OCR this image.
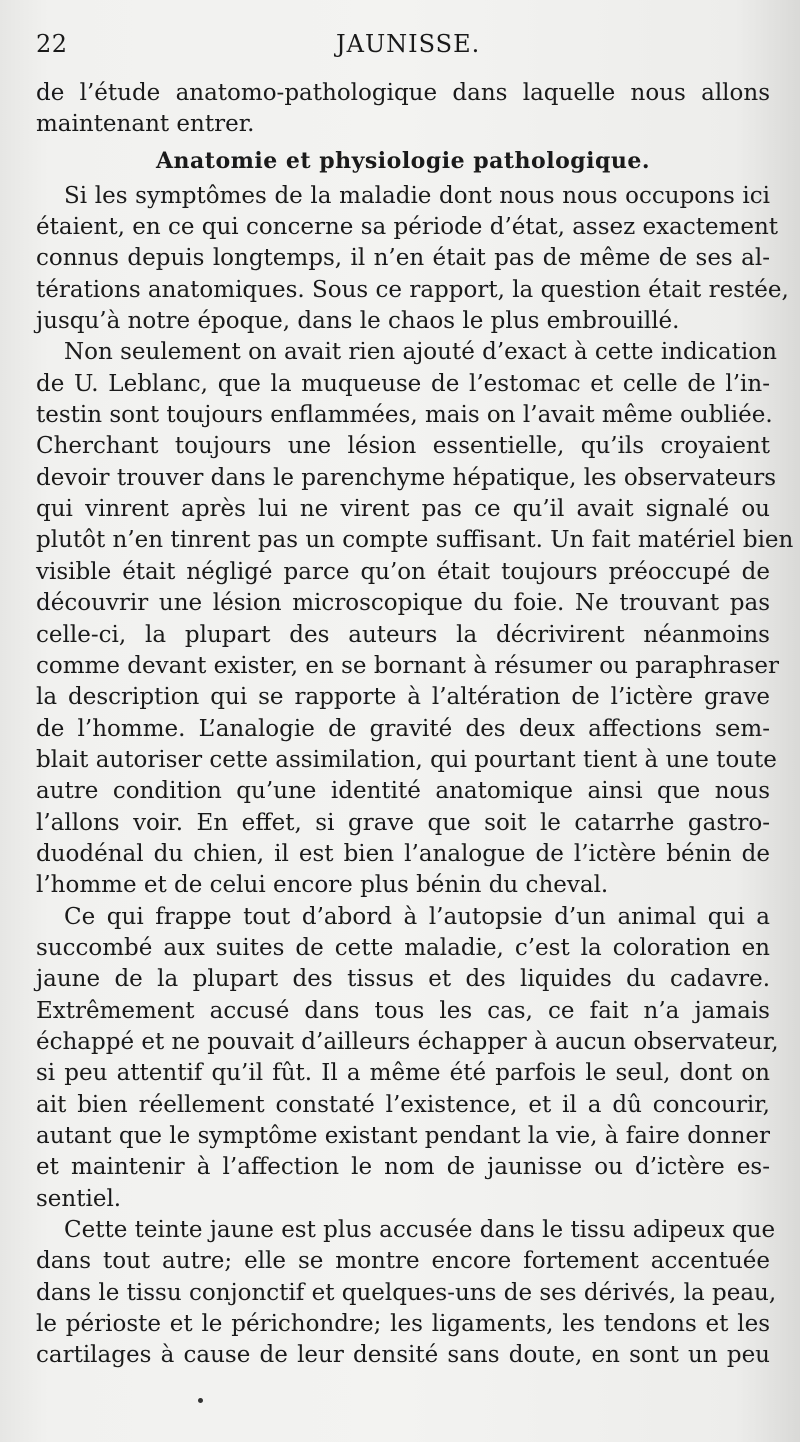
22	JAUNISSE.
de l’étude anatomo-pathologique dans laquelle nous allons
maintenant entrer.
Anatomie et physiologie pathologique.
Si les symptômes de la maladie dont nous nous occupons ici
étaient, en ce qui concerne sa période d’état, assez exactement
connus depuis longtemps, il n’en était pas de même de ses al-
térations anatomiques. Sous ce rapport, la question était restée,
jusqu’à notre époque, dans le chaos le plus embrouillé.
Non seulement on avait rien ajouté d’exact à cette indication
de U. Leblanc, que la muqueuse de l’estomac et celle de l’in-
testin sont toujours enflammées, mais on l’avait même oubliée.
Cherchant toujours une lésion essentielle, qu’ils croyaient
devoir trouver dans le parenchyme hépatique, les observateurs
qui vinrent après lui ne virent pas ce qu’il avait signalé ou
plutôt n’en tinrent pas un compte suffisant. Un fait matériel bien
visible était négligé parce qu’on était toujours préoccupé de
découvrir une lésion microscopique du foie. Ne trouvant pas
celle-ci, la plupart des auteurs la décrivirent néanmoins
comme devant exister, en se bornant à résumer ou paraphraser
la description qui se rapporte à l’altération de l’ictère grave
de l’homme. L’analogie de gravité des deux affections sem-
blait autoriser cette assimilation, qui pourtant tient à une toute
autre condition qu’une identité anatomique ainsi que nous
l’allons voir. En effet, si grave que soit le catarrhe gastro-
duodénal du chien, il est bien l’analogue de l’ictère bénin de
l’homme et de celui encore plus bénin du cheval.
Ce qui frappe tout d’abord à l’autopsie d’un animal qui a
succombé aux suites de cette maladie, c’est la coloration en
jaune de la plupart des tissus et des liquides du cadavre.
Extrêmement accusé dans tous les cas, ce fait n’a jamais
échappé et ne pouvait d’ailleurs échapper à aucun observateur,
si peu attentif qu’il fût. Il a même été parfois le seul, dont on
ait bien réellement constaté l’existence, et il a dû concourir,
autant que le symptôme existant pendant la vie, à faire donner
et maintenir à l’affection le nom de jaunisse ou d’ictère es-
sentiel.
Cette teinte jaune est plus accusée dans le tissu adipeux que
dans tout autre; elle se montre encore fortement accentuée
dans le tissu conjonctif et quelques-uns de ses dérivés, la peau,
le périoste et le périchondre; les ligaments, les tendons et les
cartilages à cause de leur densité sans doute, en sont un peu
